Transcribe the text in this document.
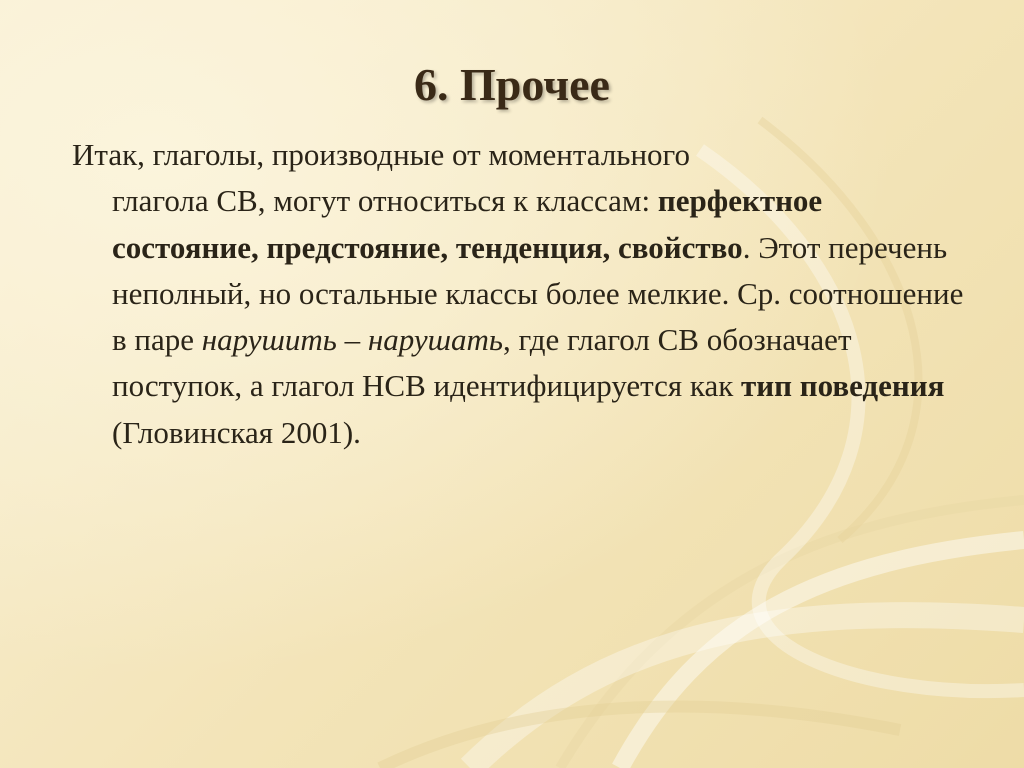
6. Прочее

Итак, глаголы, производные от моментального
глагола СВ, могут относиться к классам: перфектное состояние, предстояние, тенденция, свойство. Этот перечень неполный, но остальные классы более мелкие. Ср. соотношение в паре нарушить – нарушать, где глагол СВ обозначает поступок, а глагол НСВ идентифицируется как тип поведения (Гловинская 2001).
